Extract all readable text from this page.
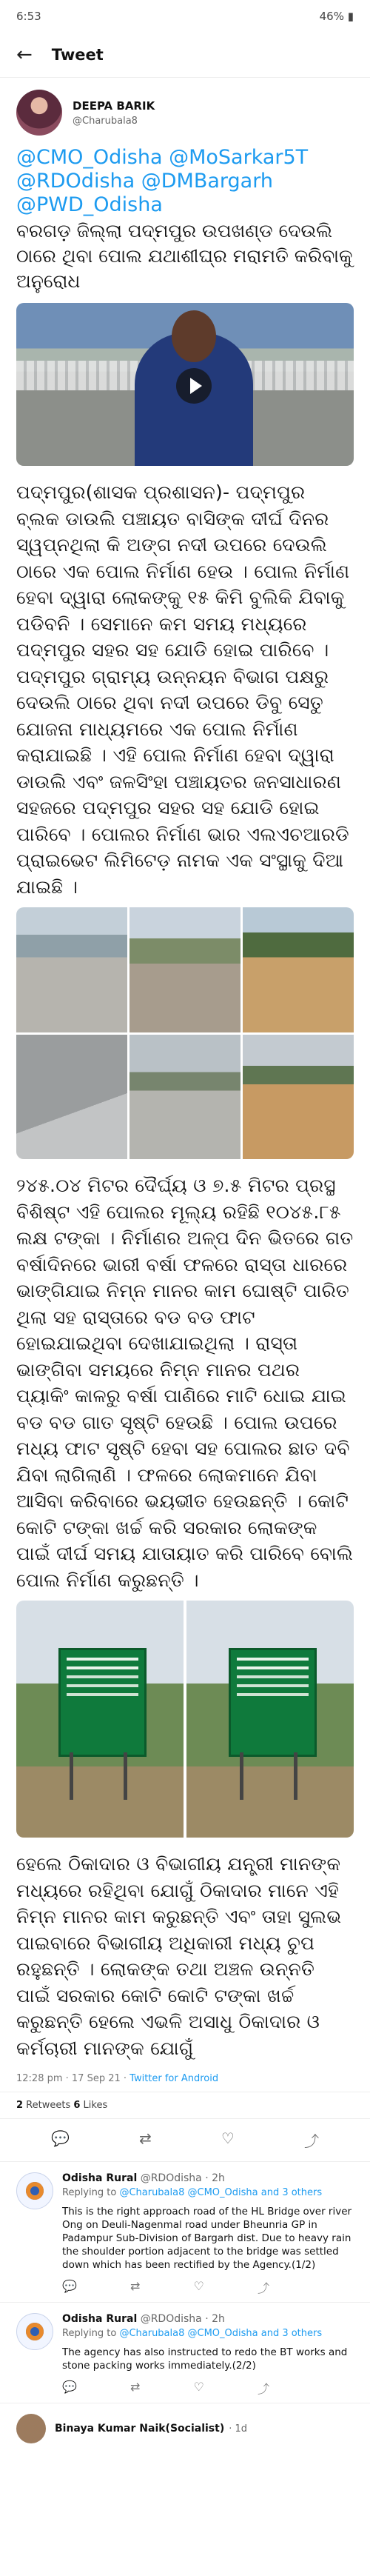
6:53	46% ▮
← Tweet
DEEPA BARIK
@Charubala8
@CMO_Odisha @MoSarkar5T @RDOdisha @DMBargarh @PWD_Odisha
ବରଗଡ଼ ଜିଲ୍ଲା ପଦ୍ମପୁର ଉପଖଣ୍ଡ ଦେଉଲି ଠାରେ ଥିବା ପୋଲ ଯଥାଶୀଘ୍ର ମରାମତି କରିବାକୁ ଅନୁରୋଧ
ପଦ୍ମପୁର(ଶାସକ ପ୍ରଶାସନ)- ପଦ୍ମପୁର ବ୍ଲକ ଡାଉଲି ପଞ୍ଚାୟତ ବାସିଙ୍କ ଦୀର୍ଘ ଦିନର ସ୍ୱପ୍ନଥିଲା କି ଅଙ୍ଗ ନଦୀ ଉପରେ ଦେଉଲି ଠାରେ ଏକ ପୋଲ ନିର୍ମାଣ ହେଉ । ପୋଲ ନିର୍ମାଣ ହେବା ଦ୍ୱାରା ଲୋକଙ୍କୁ ୧୫ କିମି ବୁଲିକି ଯିବାକୁ ପଡିବନି । ସେମାନେ କମ ସମୟ ମଧ୍ୟରେ ପଦ୍ମପୁର ସହର ସହ ଯୋଡି ହୋଇ ପାରିବେ । ପଦ୍ମପୁର ଗ୍ରାମ୍ୟ ଉନ୍ନୟନ ବିଭାଗ ପକ୍ଷରୁ ଦେଉଲି ଠାରେ ଥିବା ନଦୀ ଉପରେ ଡିବୁ ସେତୁ ଯୋଜନା ମାଧ୍ୟମରେ ଏକ ପୋଲ ନିର୍ମାଣ କରାଯାଇଛି । ଏହି ପୋଲ ନିର୍ମାଣ ହେବା ଦ୍ୱାରା ଡାଉଲି ଏବଂ ଜଳସିଂହା ପଞ୍ଚାୟତର ଜନସାଧାରଣ ସହଜରେ ପଦ୍ମପୁର ସହର ସହ ଯୋଡି ହୋଇ ପାରିବେ । ପୋଲର ନିର୍ମାଣ ଭାର ଏଲଏଚଆରଡି ପ୍ରାଇଭେଟ ଲିମିଟେଡ଼ ନାମକ ଏକ ସଂସ୍ଥାକୁ ଦିଆ ଯାଇଛି ।
୨୪୫.୦୪ ମିଟର ଦୈର୍ଘ୍ୟ ଓ ୭.୫ ମିଟର ପ୍ରସ୍ଥ ବିଶିଷ୍ଟ ଏହି ପୋଲର ମୂଲ୍ୟ ରହିଛି ୧୦୪୫.୮୫ ଲକ୍ଷ ଟଙ୍କା । ନିର୍ମାଣର ଅଳ୍ପ ଦିନ ଭିତରେ ଗତ ବର୍ଷାଦିନରେ ଭାରୀ ବର୍ଷା ଫଳରେ ରାସ୍ତା ଧାରରେ ଭାଙ୍ଗିଯାଇ ନିମ୍ନ ମାନର କାମ ଘୋଷ୍ଟି ପାରିତ ଥିଲା ସହ ରାସ୍ତାରେ ବଡ ବଡ ଫାଟ ହୋଇଯାଇଥିବା ଦେଖାଯାଇଥିଲା । ରାସ୍ତା ଭାଙ୍ଗିବା ସମୟରେ ନିମ୍ନ ମାନର ପଥର ପ୍ୟାକିଂ କାଳରୁ ବର୍ଷା ପାଣିରେ ମାଟି ଧୋଇ ଯାଇ ବଡ ବଡ ଗାତ ସୃଷ୍ଟି ହେଉଛି । ପୋଲ ଉପରେ ମଧ୍ୟ ଫାଟ ସୃଷ୍ଟି ହେବା ସହ ପୋଲର ଛାତ ଦବି ଯିବା ଲାଗିଲାଣି । ଫଳରେ ଲୋକମାନେ ଯିବା ଆସିବା କରିବାରେ ଭୟଭୀତ ହେଉଛନ୍ତି । କୋଟି କୋଟି ଟଙ୍କା ଖର୍ଚ୍ଚ କରି ସରକାର ଲୋକଙ୍କ ପାଇଁ ଦୀର୍ଘ ସମୟ ଯାତାୟାତ କରି ପାରିବେ ବୋଲି ପୋଲ ନିର୍ମାଣ କରୁଛନ୍ତି ।
ହେଲେ ଠିକାଦାର ଓ ବିଭାଗୀୟ ଯନ୍ତ୍ରୀ ମାନଙ୍କ ମଧ୍ୟରେ ରହିଥିବା ଯୋଗୁଁ ଠିକାଦାର ମାନେ ଏହି ନିମ୍ନ ମାନର କାମ କରୁଛନ୍ତି ଏବଂ ତାହା ସୁଲଭ ପାଇବାରେ ବିଭାଗୀୟ ଅଧିକାରୀ ମଧ୍ୟ ଚୁପ ରହୁଛନ୍ତି । ଲୋକଙ୍କ ତଥା ଅଞ୍ଚଳ ଉନ୍ନତି ପାଇଁ ସରକାର କୋଟି କୋଟି ଟଙ୍କା ଖର୍ଚ୍ଚ କରୁଛନ୍ତି ହେଲେ ଏଭଳି ଅସାଧୁ ଠିକାଦାର ଓ କର୍ମଚାରୀ ମାନଙ୍କ ଯୋଗୁଁ
12:28 pm · 17 Sep 21 · Twitter for Android
2 Retweets 6 Likes
💬	⇄	♡	⤴
Odisha Rural @RDOdisha · 2h
Replying to @Charubala8 @CMO_Odisha and 3 others
This is the right approach road of the HL Bridge over river Ong on Deuli-Nagenmal road under Bheunria GP in Padampur Sub-Division of Bargarh dist. Due to heavy rain the shoulder portion adjacent to the bridge was settled down which has been rectified by the Agency.(1/2)
💬	⇄	♡	⤴
Odisha Rural @RDOdisha · 2h
Replying to @Charubala8 @CMO_Odisha and 3 others
The agency has also instructed to redo the BT works and stone packing works immediately.(2/2)
💬	⇄	♡	⤴
Binaya Kumar Naik(Socialist) · 1d
